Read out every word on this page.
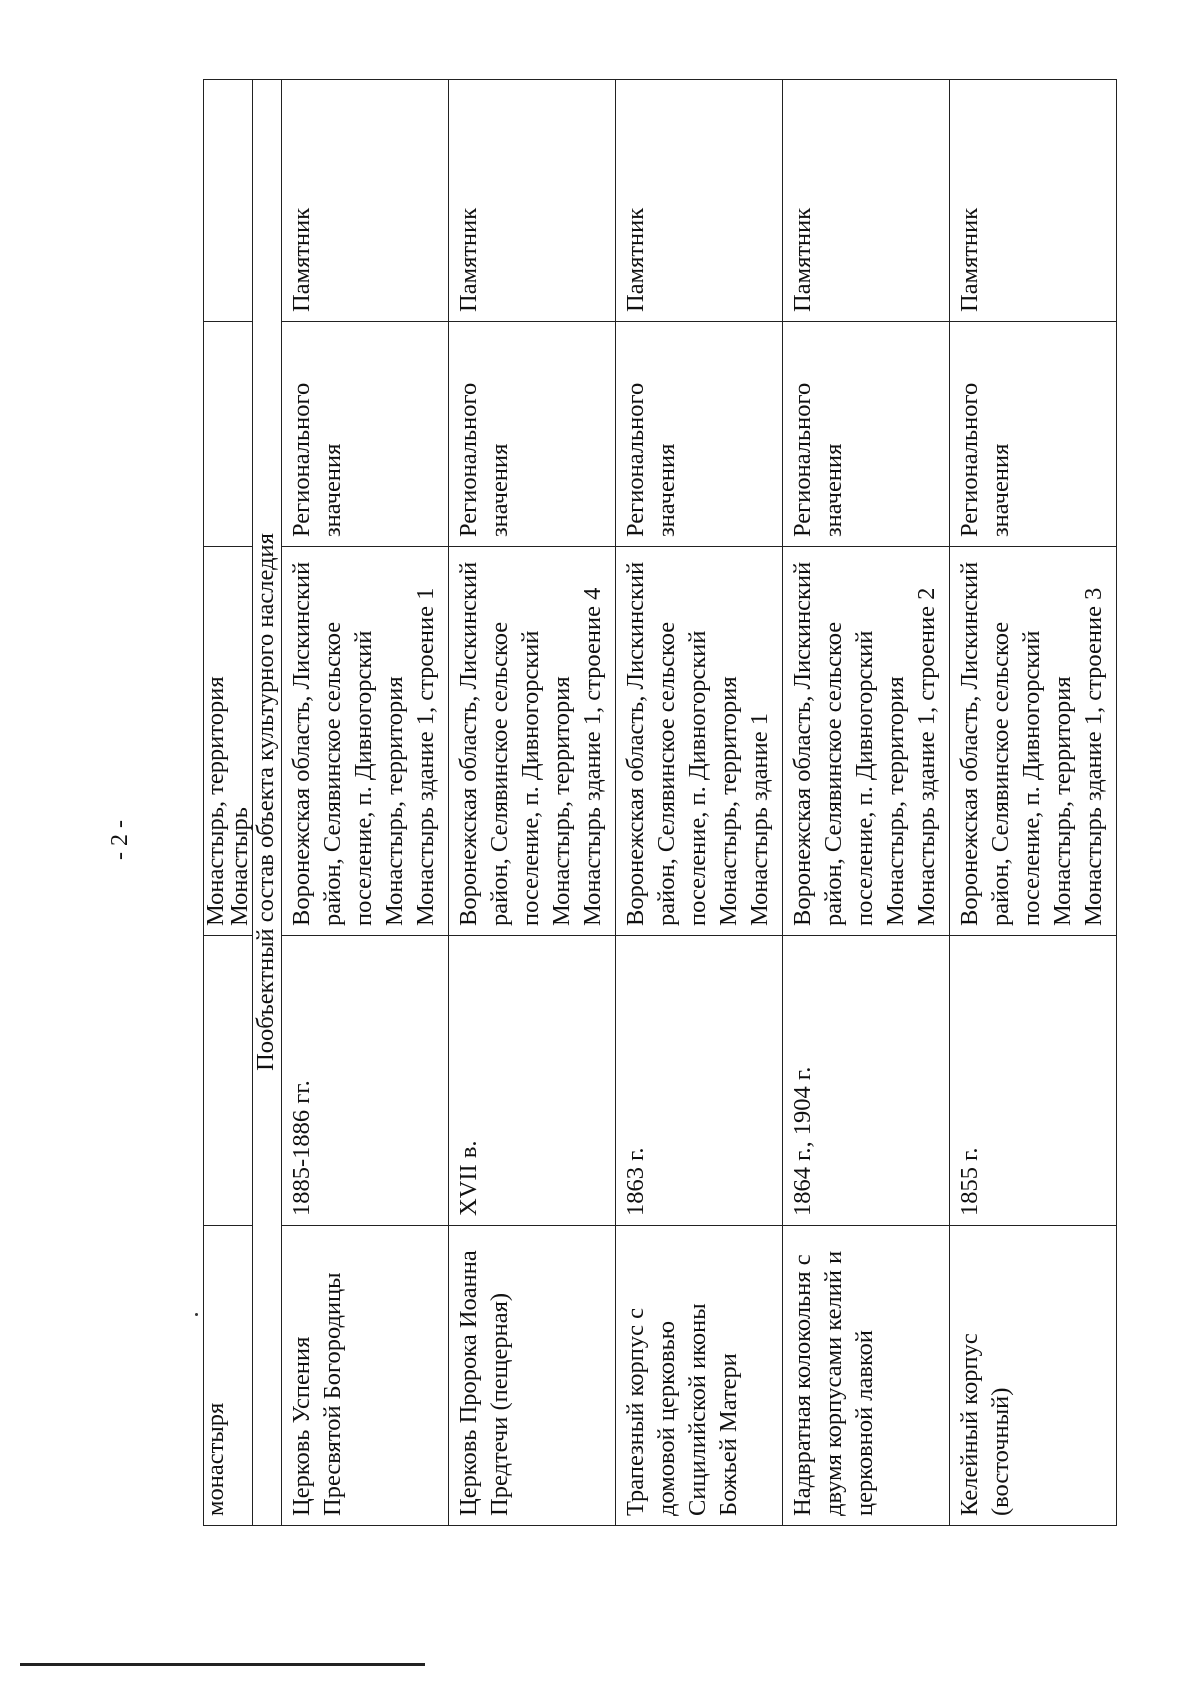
- 2 -
монастыря		Монастырь, территория Монастырь		
Пообъектный состав объекта культурного наследия				
Церковь Успения Пресвятой Богородицы	1885-1886 гг.	Воронежская область, Лискинский район, Селявинское сельское поселение, п. Дивногорский Монастырь, территория Монастырь здание 1, строение 1	Регионального значения	Памятник
Церковь Пророка Иоанна Предтечи (пещерная)	XVII в.	Воронежская область, Лискинский район, Селявинское сельское поселение, п. Дивногорский Монастырь, территория Монастырь здание 1, строение 4	Регионального значения	Памятник
Трапезный корпус с домовой церковью Сицилийской иконы Божьей Матери	1863 г.	Воронежская область, Лискинский район, Селявинское сельское поселение, п. Дивногорский Монастырь, территория Монастырь здание 1	Регионального значения	Памятник
Надвратная колокольня с двумя корпусами келий и церковной лавкой	1864 г., 1904 г.	Воронежская область, Лискинский район, Селявинское сельское поселение, п. Дивногорский Монастырь, территория Монастырь здание 1, строение 2	Регионального значения	Памятник
Келейный корпус (восточный)	1855 г.	Воронежская область, Лискинский район, Селявинское сельское поселение, п. Дивногорский Монастырь, территория Монастырь здание 1, строение 3	Регионального значения	Памятник
